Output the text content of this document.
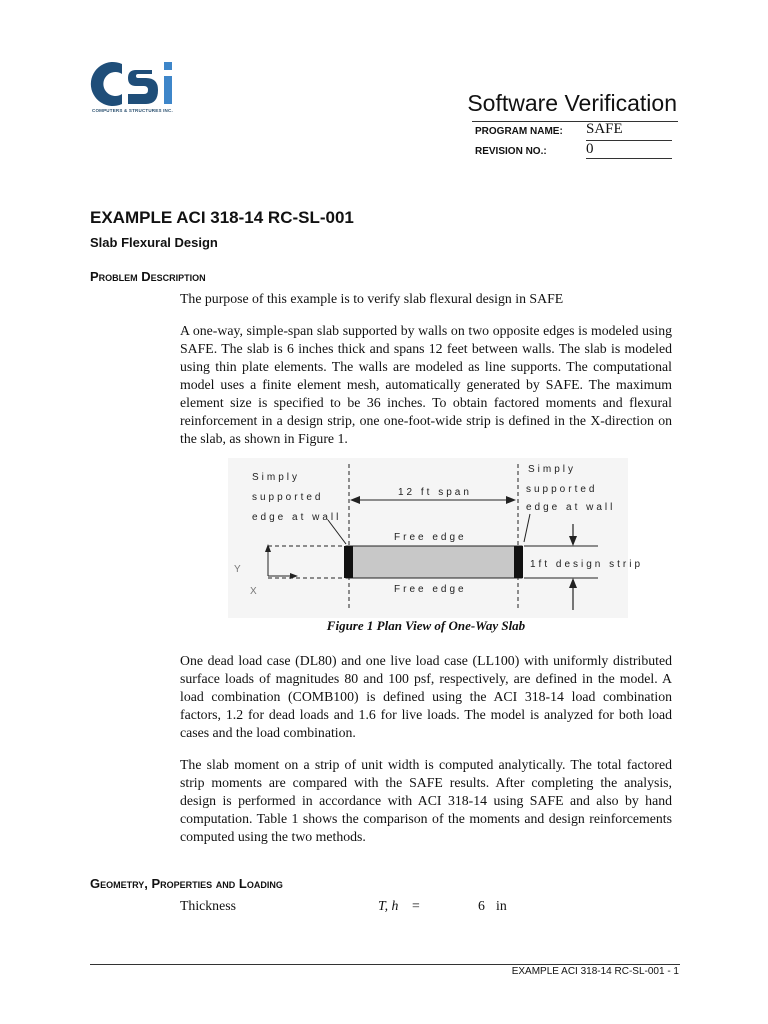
COMPUTERS & STRUCTURES INC.	Software Verification
PROGRAM NAME: SAFE
REVISION NO.:	0
EXAMPLE ACI 318-14 RC-SL-001
Slab Flexural Design
Problem Description
The purpose of this example is to verify slab flexural design in SAFE
A one-way, simple-span slab supported by walls on two opposite edges is modeled using SAFE. The slab is 6 inches thick and spans 12 feet between walls. The slab is modeled using thin plate elements. The walls are modeled as line supports. The computational model uses a finite element mesh, automatically generated by SAFE. The maximum element size is specified to be 36 inches. To obtain factored moments and flexural reinforcement in a design strip, one one-foot-wide strip is defined in the X-direction on the slab, as shown in Figure 1.
Simply
supported
edge at wall
Simply
supported
edge at wall
12 ft span
Free edge
Free edge
1ft design strip
Y
X
Figure 1 Plan View of One-Way Slab
One dead load case (DL80) and one live load case (LL100) with uniformly distributed surface loads of magnitudes 80 and 100 psf, respectively, are defined in the model. A load combination (COMB100) is defined using the ACI 318-14 load combination factors, 1.2 for dead loads and 1.6 for live loads. The model is analyzed for both load cases and the load combination.
The slab moment on a strip of unit width is computed analytically. The total factored strip moments are compared with the SAFE results. After completing the analysis, design is performed in accordance with ACI 318-14 using SAFE and also by hand computation. Table 1 shows the comparison of the moments and design reinforcements computed using the two methods.
Geometry, Properties and Loading
Thickness	T, h =	6 in
EXAMPLE ACI 318-14 RC-SL-001 - 1
